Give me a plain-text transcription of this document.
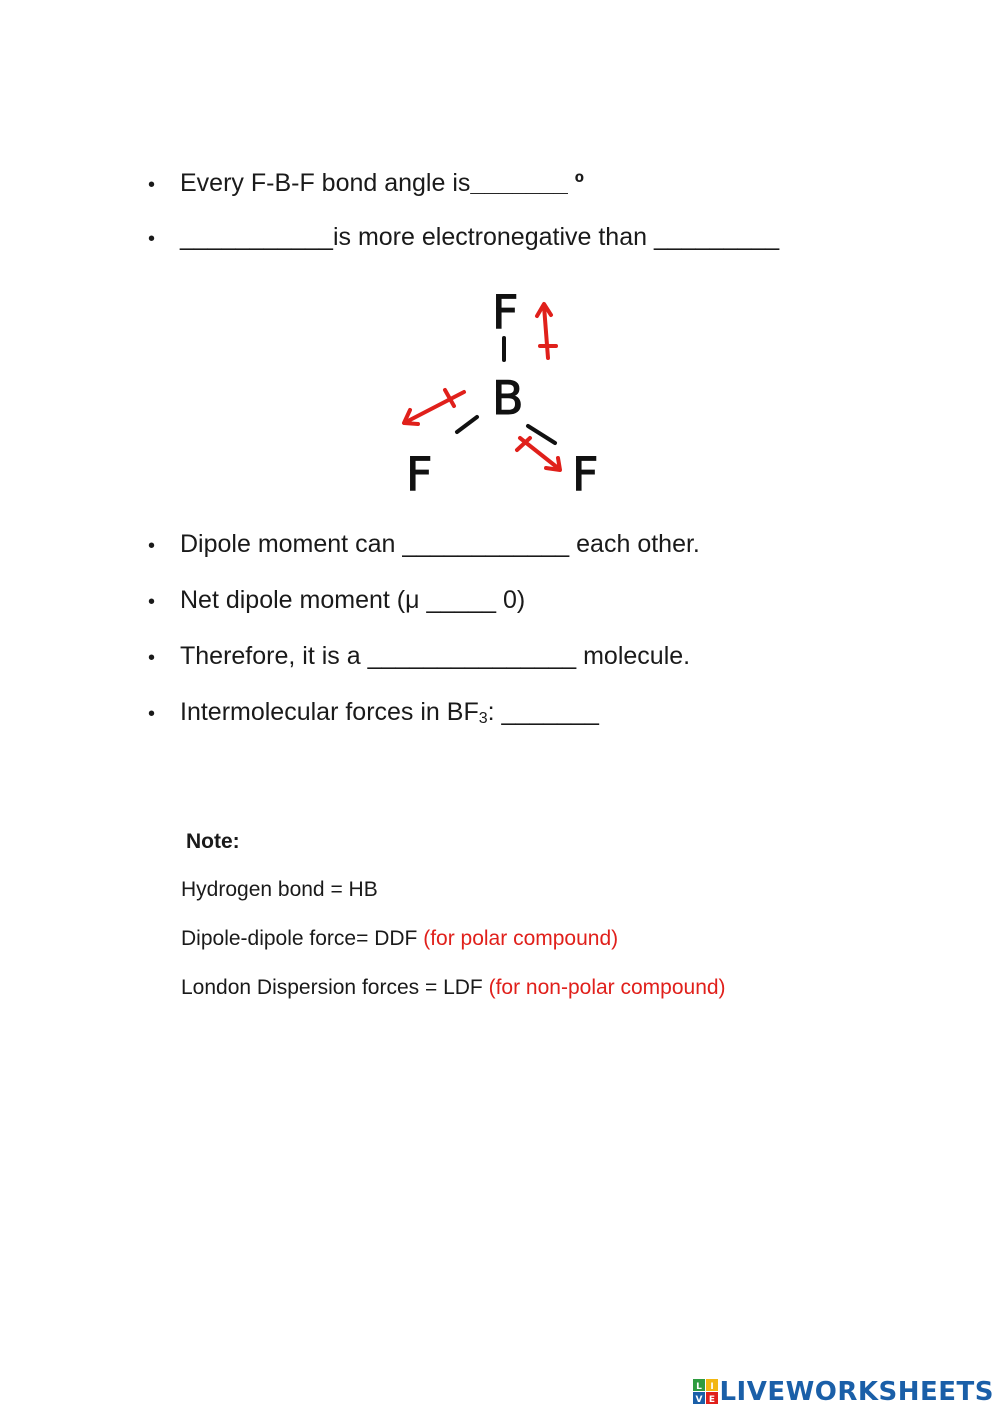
• Every F-B-F bond angle is_______ º
• ___________is more electronegative than _________
• Dipole moment can ____________ each other.
• Net dipole moment (μ _____ 0)
• Therefore, it is a _______________ molecule.
• Intermolecular forces in $BF_3$: _______
F
B
F	F
Note:
Hydrogen bond = HB
Dipole-dipole force= DDF (for polar compound)
London Dispersion forces = LDF (for non-polar compound)
L I
V E LIVEWORKSHEETS
